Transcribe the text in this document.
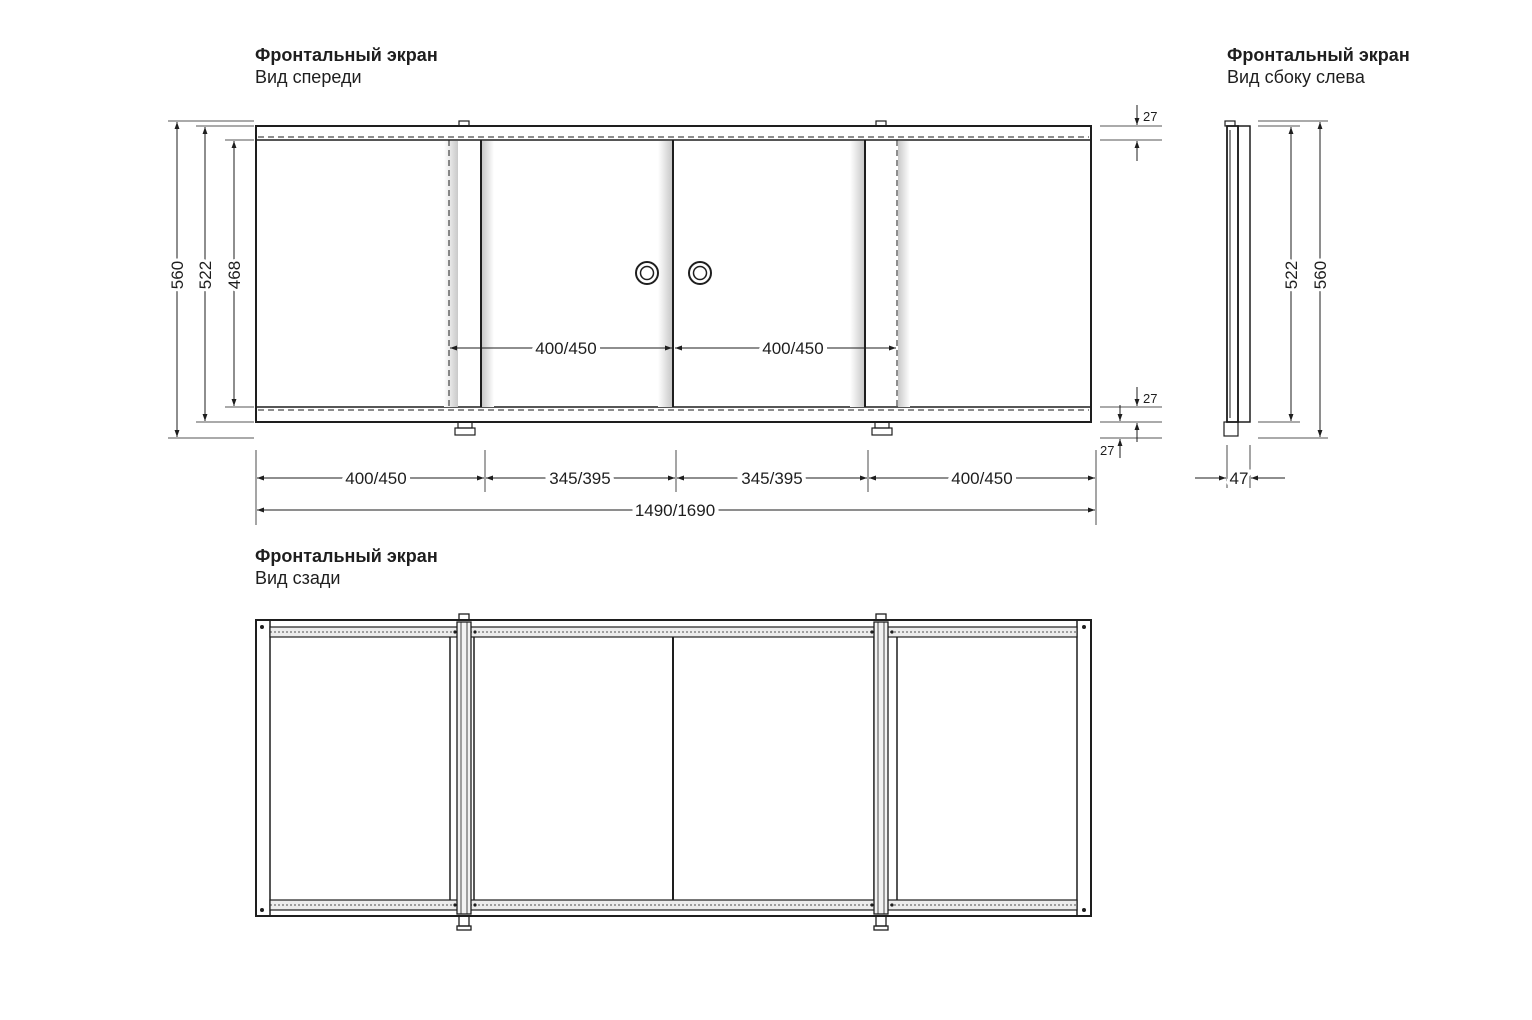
Фронтальный экран
Вид спереди
Фронтальный экран
Вид сбоку слева
Фронтальный экран
Вид сзади
560 522 468
400/450	400/450
27
27
27
400/450	345/395	345/395	400/450
1490/1690
522 560
47
